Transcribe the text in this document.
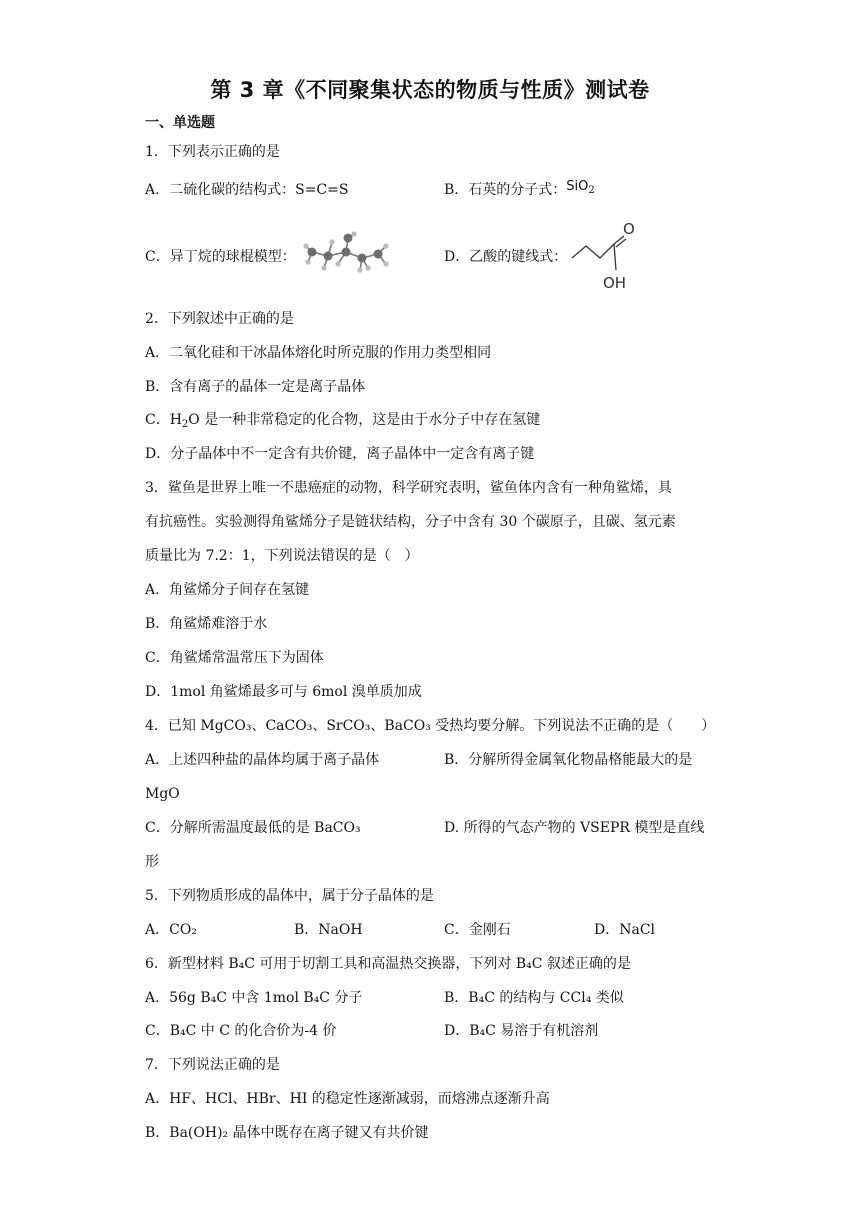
第 3 章《不同聚集状态的物质与性质》测试卷
一、单选题
1．下列表示正确的是
A．二硫化碳的结构式：S=C=S	B．石英的分子式：SiO$_2$
C．异丁烷的球棍模型：	D．乙酸的键线式：
O
OH
2．下列叙述中正确的是
A．二氧化硅和干冰晶体熔化时所克服的作用力类型相同
B．含有离子的晶体一定是离子晶体
C．$H_2O$ 是一种非常稳定的化合物，这是由于水分子中存在氢键
D．分子晶体中不一定含有共价键，离子晶体中一定含有离子键
3．鲨鱼是世界上唯一不患癌症的动物，科学研究表明，鲨鱼体内含有一种角鲨烯，具
有抗癌性。实验测得角鲨烯分子是链状结构，分子中含有 30 个碳原子，且碳、氢元素
质量比为 7.2：1，下列说法错误的是（　）
A．角鲨烯分子间存在氢键
B．角鲨烯难溶于水
C．角鲨烯常温常压下为固体
D．1mol 角鲨烯最多可与 6mol 溴单质加成
4．已知 MgCO₃、CaCO₃、SrCO₃、BaCO₃ 受热均要分解。下列说法不正确的是（　　）
A．上述四种盐的晶体均属于离子晶体	B．分解所得金属氧化物晶格能最大的是
MgO
C．分解所需温度最低的是 BaCO₃	D. 所得的气态产物的 VSEPR 模型是直线
形
5．下列物质形成的晶体中，属于分子晶体的是
A．CO₂	B．NaOH	C．金刚石	D．NaCl
6．新型材料 B₄C 可用于切割工具和高温热交换器，下列对 B₄C 叙述正确的是
A．56g B₄C 中含 1mol B₄C 分子	B．B₄C 的结构与 CCl₄ 类似
C．B₄C 中 C 的化合价为-4 价	D．B₄C 易溶于有机溶剂
7．下列说法正确的是
A．HF、HCl、HBr、HI 的稳定性逐渐减弱，而熔沸点逐渐升高
B．Ba(OH)₂ 晶体中既存在离子键又有共价键
